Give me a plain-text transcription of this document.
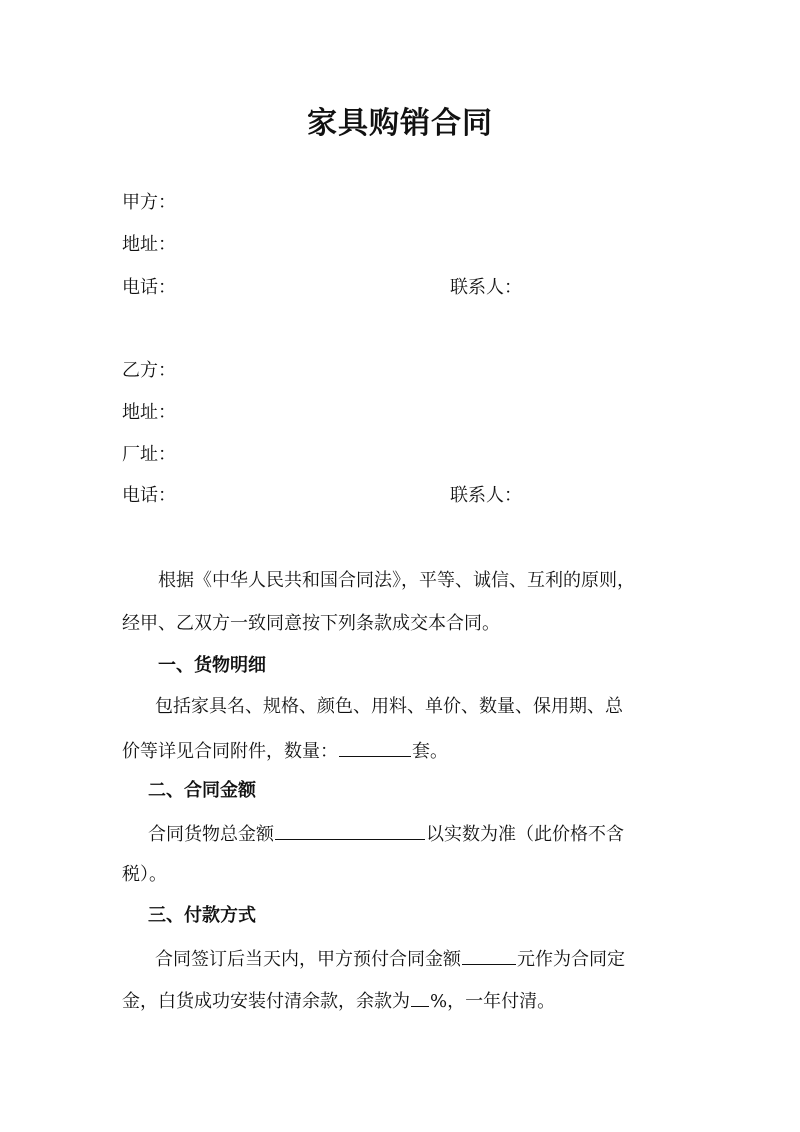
家具购销合同
甲方：
地址：
电话：	联系人：
乙方：
地址：
厂址：
电话：	联系人：
根据《中华人民共和国合同法》，平等、诚信、互利的原则，
经甲、乙双方一致同意按下列条款成交本合同。
一、货物明细
包括家具名、规格、颜色、用料、单价、数量、保用期、总
价等详见合同附件，数量：	套。
二、合同金额
合同货物总金额	以实数为准（此价格不含
税）。
三、付款方式
合同签订后当天内，甲方预付合同金额	元作为合同定
金，白货成功安装付清余款，余款为 %，一年付清。
